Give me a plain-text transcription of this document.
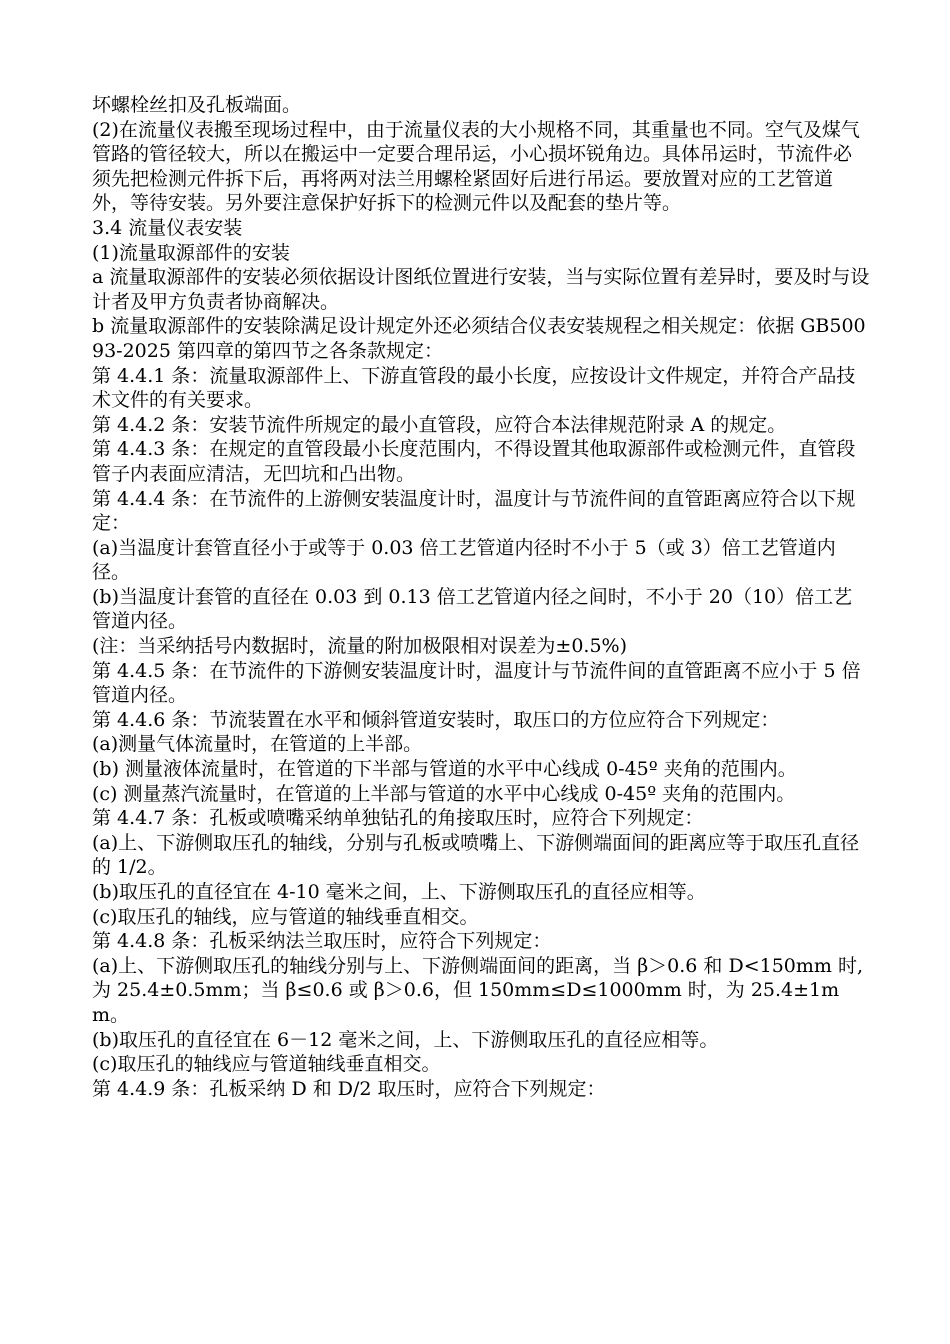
坏螺栓丝扣及孔板端面。

(2)在流量仪表搬至现场过程中，由于流量仪表的大小规格不同，其重量也不同。空气及煤气管路的管径较大，所以在搬运中一定要合理吊运，小心损坏锐角边。具体吊运时，节流件必须先把检测元件拆下后，再将两对法兰用螺栓紧固好后进行吊运。要放置对应的工艺管道外，等待安装。另外要注意保护好拆下的检测元件以及配套的垫片等。

3.4 流量仪表安装

(1)流量取源部件的安装

a 流量取源部件的安装必须依据设计图纸位置进行安装，当与实际位置有差异时，要及时与设计者及甲方负责者协商解决。

b 流量取源部件的安装除满足设计规定外还必须结合仪表安装规程之相关规定：依据 GB50093-2025 第四章的第四节之各条款规定：

第 4.4.1 条：流量取源部件上、下游直管段的最小长度，应按设计文件规定，并符合产品技术文件的有关要求。

第 4.4.2 条：安装节流件所规定的最小直管段，应符合本法律规范附录 A 的规定。

第 4.4.3 条：在规定的直管段最小长度范围内，不得设置其他取源部件或检测元件，直管段管子内表面应清洁，无凹坑和凸出物。

第 4.4.4 条：在节流件的上游侧安装温度计时，温度计与节流件间的直管距离应符合以下规定：

(a)当温度计套管直径小于或等于 0.03 倍工艺管道内径时不小于 5（或 3）倍工艺管道内径。

(b)当温度计套管的直径在 0.03 到 0.13 倍工艺管道内径之间时，不小于 20（10）倍工艺管道内径。

(注：当采纳括号内数据时，流量的附加极限相对误差为±0.5%)

第 4.4.5 条：在节流件的下游侧安装温度计时，温度计与节流件间的直管距离不应小于 5 倍管道内径。

第 4.4.6 条：节流装置在水平和倾斜管道安装时，取压口的方位应符合下列规定：

(a)测量气体流量时，在管道的上半部。

(b) 测量液体流量时，在管道的下半部与管道的水平中心线成 0-45º 夹角的范围内。

(c) 测量蒸汽流量时，在管道的上半部与管道的水平中心线成 0-45º 夹角的范围内。

第 4.4.7 条：孔板或喷嘴采纳单独钻孔的角接取压时，应符合下列规定：

(a)上、下游侧取压孔的轴线，分别与孔板或喷嘴上、下游侧端面间的距离应等于取压孔直径的 1/2。

(b)取压孔的直径宜在 4-10 毫米之间，上、下游侧取压孔的直径应相等。

(c)取压孔的轴线，应与管道的轴线垂直相交。

第 4.4.8 条：孔板采纳法兰取压时，应符合下列规定：

(a)上、下游侧取压孔的轴线分别与上、下游侧端面间的距离，当 β＞0.6 和 D<150mm 时,为 25.4±0.5mm；当 β≤0.6 或 β＞0.6，但 150mm≤D≤1000mm 时，为 25.4±1mm。

(b)取压孔的直径宜在 6－12 毫米之间，上、下游侧取压孔的直径应相等。

(c)取压孔的轴线应与管道轴线垂直相交。

第 4.4.9 条：孔板采纳 D 和 D/2 取压时，应符合下列规定：
